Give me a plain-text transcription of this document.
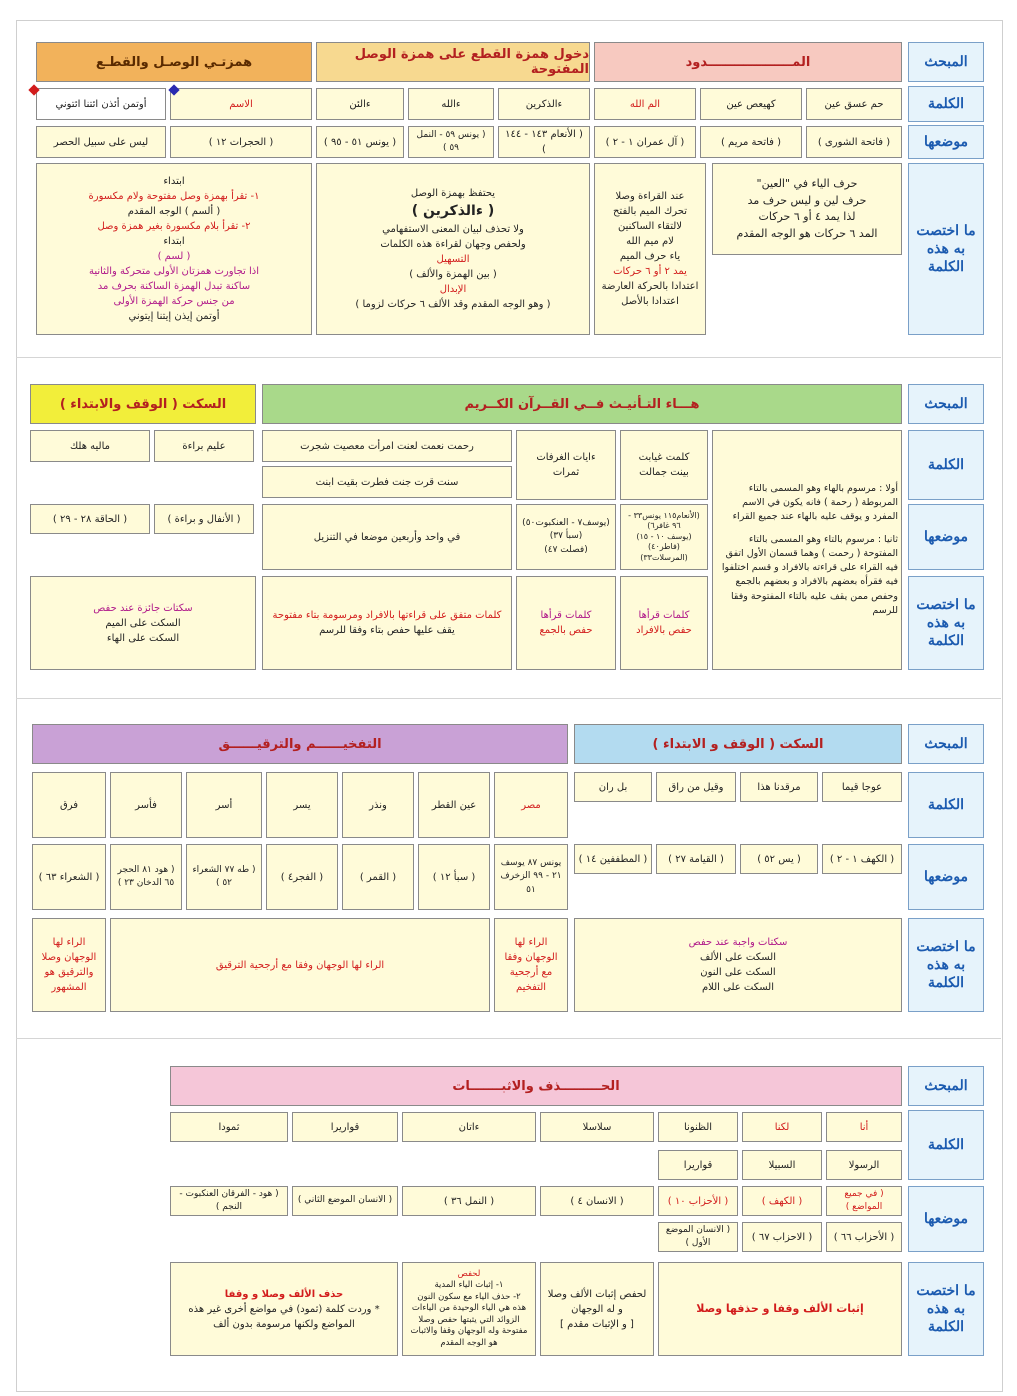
المبحث
الكلمة
موضعها
ما اختصت به هذه الكلمة
المـــــــــــــــــــدود
دخول همزة القطع على همزة الوصل المفتوحة
همزتـي الوصـل والقطـع
حم عسق عين
كهيعص عين
الم الله
ءالذكرين
ءالله
ءالئن
الاسم
أوتمن أئذن ائتنا ائتوني
( فاتحة الشورى )
( فاتحة مريم )
( آل عمران ١ - ٢ )
( الأنعام ١٤٣ - ١٤٤ )
( يونس ٥٩ - النمل ٥٩ )
( يونس ٥١ - ٩٥ )
( الحجرات ١٢ )
ليس على سبيل الحصر
حرف الياء في "العين"
حرف لين و ليس حرف مد
لذا يمد ٤ أو ٦ حركات
المد ٦ حركات هو الوجه المقدم
عند القراءة وصلا
تحرك الميم بالفتح
لالتقاء الساكنين
لام ميم الله
ياء حرف الميم
يمد ٢ أو ٦ حركات
اعتدادا بالحركة العارضة
اعتدادا بالأصل
يحتفظ بهمزة الوصل
( ءالذكرين )
ولا تحذف لبيان المعنى الاستفهامي
ولحفص وجهان لقراءة هذه الكلمات
التسهيل
( بين الهمزة والألف )
الإبدال
( وهو الوجه المقدم وقد الألف ٦ حركات لزوما )
ابتداء
١- تقرأ بهمزة وصل مفتوحة ولام مكسورة
( ألسم ) الوجه المقدم
٢- تقرأ بلام مكسورة بغير همزة وصل
ابتداء
( لسم )
اذا تجاورت همزتان الأولى متحركة والثانية
ساكنة تبدل الهمزة الساكنة بحرف مد
من جنس حركة الهمزة الأولى
أوتمن إيذن إيتنا إيتوني
المبحث
الكلمة
موضعها
ما اختصت به هذه الكلمة
هـــاء التـأنيـث فــي القــرآن الكــريم
السكت ( الوقف والابتداء )
كلمت غيابت
بينت جمالت
ءايات الغرفات
ثمرات
رحمت نعمت لعنت امرأت معصيت شجرت
سنت قرت جنت فطرت بقيت ابنت
عليم براءة
ماليه هلك
(الأنعام١١٥ يونس٣٣ - ٩٦ غافر٦)
(يوسف ١٠ - ١٥)
(فاطر٤٠)
(المرسلات٣٣)
(يوسف٧ - العنكبوت٥٠)
(سبأ ٣٧)
(فصلت ٤٧)
في واحد وأربعين موضعا في التنزيل
( الأنفال و براءة )
( الحاقة ٢٨ - ٢٩ )
أولا : مرسوم بالهاء وهو المسمى بالتاء المربوطة ( رحمة ) فانه يكون في الاسم المفرد و يوقف عليه بالهاء عند جميع القراء
ثانيا : مرسوم بالتاء وهو المسمى بالتاء المفتوحة ( رحمت ) وهما قسمان الأول اتفق فيه القراء على قراءته بالافراد و قسم اختلفوا فيه فقرأه بعضهم بالافراد و بعضهم بالجمع وحفص ممن يقف عليه بالتاء المفتوحة وفقا للرسم
كلمات قرأها
حفص بالافراد
كلمات قرأها
حفص بالجمع
كلمات متفق على قراءتها بالافراد ومرسومة بتاء مفتوحة
يقف عليها حفص بتاء وفقا للرسم
سكتات جائزة عند حفص
السكت على الميم
السكت على الهاء
المبحث
الكلمة
موضعها
ما اختصت به هذه الكلمة
السكت ( الوقف و الابتداء )
التفخيــــــم والترقيــــــق
عوجا قيما
مرقدنا هذا
وقيل من راق
بل ران
مصر
عين القطر
ونذر
يسر
أسر
فأسر
فرق
( الكهف ١ - ٢ )
( يس ٥٢ )
( القيامة ٢٧ )
( المطففين ١٤ )
يونس ٨٧ يوسف ٢١ - ٩٩ الزخرف ٥١
( سبأ ١٢ )
( القمر )
( الفجر٤ )
( طه ٧٧ الشعراء ٥٢ )
( هود ٨١ الحجر ٦٥ الدخان ٢٣ )
( الشعراء ٦٣ )
سكتات واجبة عند حفص
السكت على الألف
السكت على النون
السكت على اللام
الراء لها الوجهان وفقا مع أرجحية التفخيم
الراء لها الوجهان وفقا مع أرجحية الترقيق
الراء لها الوجهان وصلا والترقيق هو المشهور
المبحث
الكلمة
موضعها
ما اختصت به هذه الكلمة
الحـــــــــذف والاثبـــــــات
أنا
لكنا
الظنونا
سلاسلا
ءاتان
قواريرا
ثمودا
الرسولا
السبيلا
قواريرا
( في جميع المواضع )
( الكهف )
( الأحزاب ١٠ )
( الانسان ٤ )
( النمل ٣٦ )
( الانسان الموضع الثاني )
( هود - الفرقان العنكبوت - النجم )
( الأحزاب ٦٦ )
( الاحزاب ٦٧ )
( الانسان الموضع الأول )
إثبات الألف وقفا و حذفها وصلا
لحفص إثبات الألف وصلا
و له الوجهان
[ و الإثبات مقدم ]
لحفص
١- إثبات الياء المدية
٢- حذف الياء مع سكون النون
هذه هي الياء الوحيدة من الياءات الزوائد التي يثبتها حفص وصلا مفتوحة وله الوجهان وقفا والاثبات هو الوجه المقدم
حذف الألف وصلا و وقفا
* وردت كلمة (ثمود) في مواضع أخرى غير هذه المواضع ولكنها مرسومة بدون ألف
